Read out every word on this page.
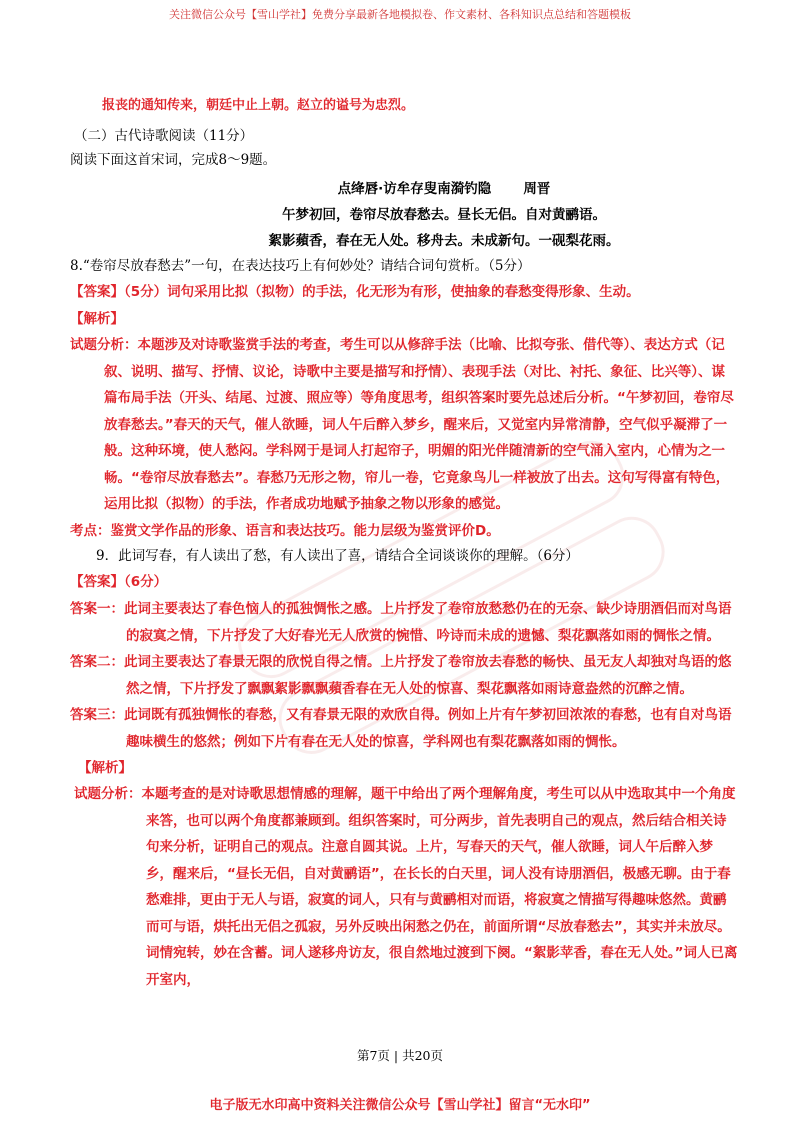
关注微信公众号【雪山学社】免费分享最新各地模拟卷、作文素材、各科知识点总结和答题模板

报丧的通知传来，朝廷中止上朝。赵立的谥号为忠烈。

（二）古代诗歌阅读（11分）

阅读下面这首宋词，完成8～9题。

点绛唇·访牟存叟南漪钓隐 周晋

午梦初回，卷帘尽放春愁去。昼长无侣。自对黄鹂语。

絮影蘋香，春在无人处。移舟去。未成新句。一砚梨花雨。

8.“卷帘尽放春愁去”一句，在表达技巧上有何妙处？请结合词句赏析。（5分）

【答案】（5分）词句采用比拟（拟物）的手法，化无形为有形，使抽象的春愁变得形象、生动。

【解析】

试题分析：本题涉及对诗歌鉴赏手法的考查，考生可以从修辞手法（比喻、比拟夸张、借代等）、表达方式（记叙、说明、描写、抒情、议论，诗歌中主要是描写和抒情）、表现手法（对比、衬托、象征、比兴等）、谋篇布局手法（开头、结尾、过渡、照应等）等角度思考，组织答案时要先总述后分析。“午梦初回，卷帘尽放春愁去。”春天的天气，催人欲睡，词人午后醉入梦乡，醒来后，又觉室内异常清静，空气似乎凝滞了一般。这种环境，使人愁闷。学科网于是词人打起帘子，明媚的阳光伴随清新的空气涌入室内，心情为之一畅。“卷帘尽放春愁去”。春愁乃无形之物，帘儿一卷，它竟象鸟儿一样被放了出去。这句写得富有特色，运用比拟（拟物）的手法，作者成功地赋予抽象之物以形象的感觉。

考点：鉴赏文学作品的形象、语言和表达技巧。能力层级为鉴赏评价D。

9．此词写春，有人读出了愁，有人读出了喜，请结合全词谈谈你的理解。（6分）

【答案】（6分）

答案一：此词主要表达了春色恼人的孤独惆怅之感。上片抒发了卷帘放愁愁仍在的无奈、缺少诗朋酒侣而对鸟语的寂寞之情，下片抒发了大好春光无人欣赏的惋惜、吟诗而未成的遗憾、梨花飘落如雨的惆怅之情。

答案二：此词主要表达了春景无限的欣悦自得之情。上片抒发了卷帘放去春愁的畅快、虽无友人却独对鸟语的悠然之情，下片抒发了飘飘絮影飘飘蘋香春在无人处的惊喜、梨花飘落如雨诗意盎然的沉醉之情。

答案三：此词既有孤独惆怅的春愁，又有春景无限的欢欣自得。例如上片有午梦初回浓浓的春愁，也有自对鸟语趣味横生的悠然；例如下片有春在无人处的惊喜，学科网也有梨花飘落如雨的惆怅。

【解析】

试题分析：本题考查的是对诗歌思想情感的理解，题干中给出了两个理解角度，考生可以从中选取其中一个角度来答，也可以两个角度都兼顾到。组织答案时，可分两步，首先表明自己的观点，然后结合相关诗句来分析，证明自己的观点。注意自圆其说。上片，写春天的天气，催人欲睡，词人午后醉入梦乡，醒来后，“昼长无侣，自对黄鹂语”，在长长的白天里，词人没有诗朋酒侣，极感无聊。由于春愁难排，更由于无人与语，寂寞的词人，只有与黄鹂相对而语，将寂寞之情描写得趣味悠然。黄鹂而可与语，烘托出无侣之孤寂，另外反映出闲愁之仍在，前面所谓“尽放春愁去”，其实并未放尽。词情宛转，妙在含蓄。词人遂移舟访友，很自然地过渡到下阕。“絮影苹香，春在无人处。”词人已离开室内，

第7页 | 共20页
电子版无水印高中资料关注微信公众号【雪山学社】留言“无水印”
